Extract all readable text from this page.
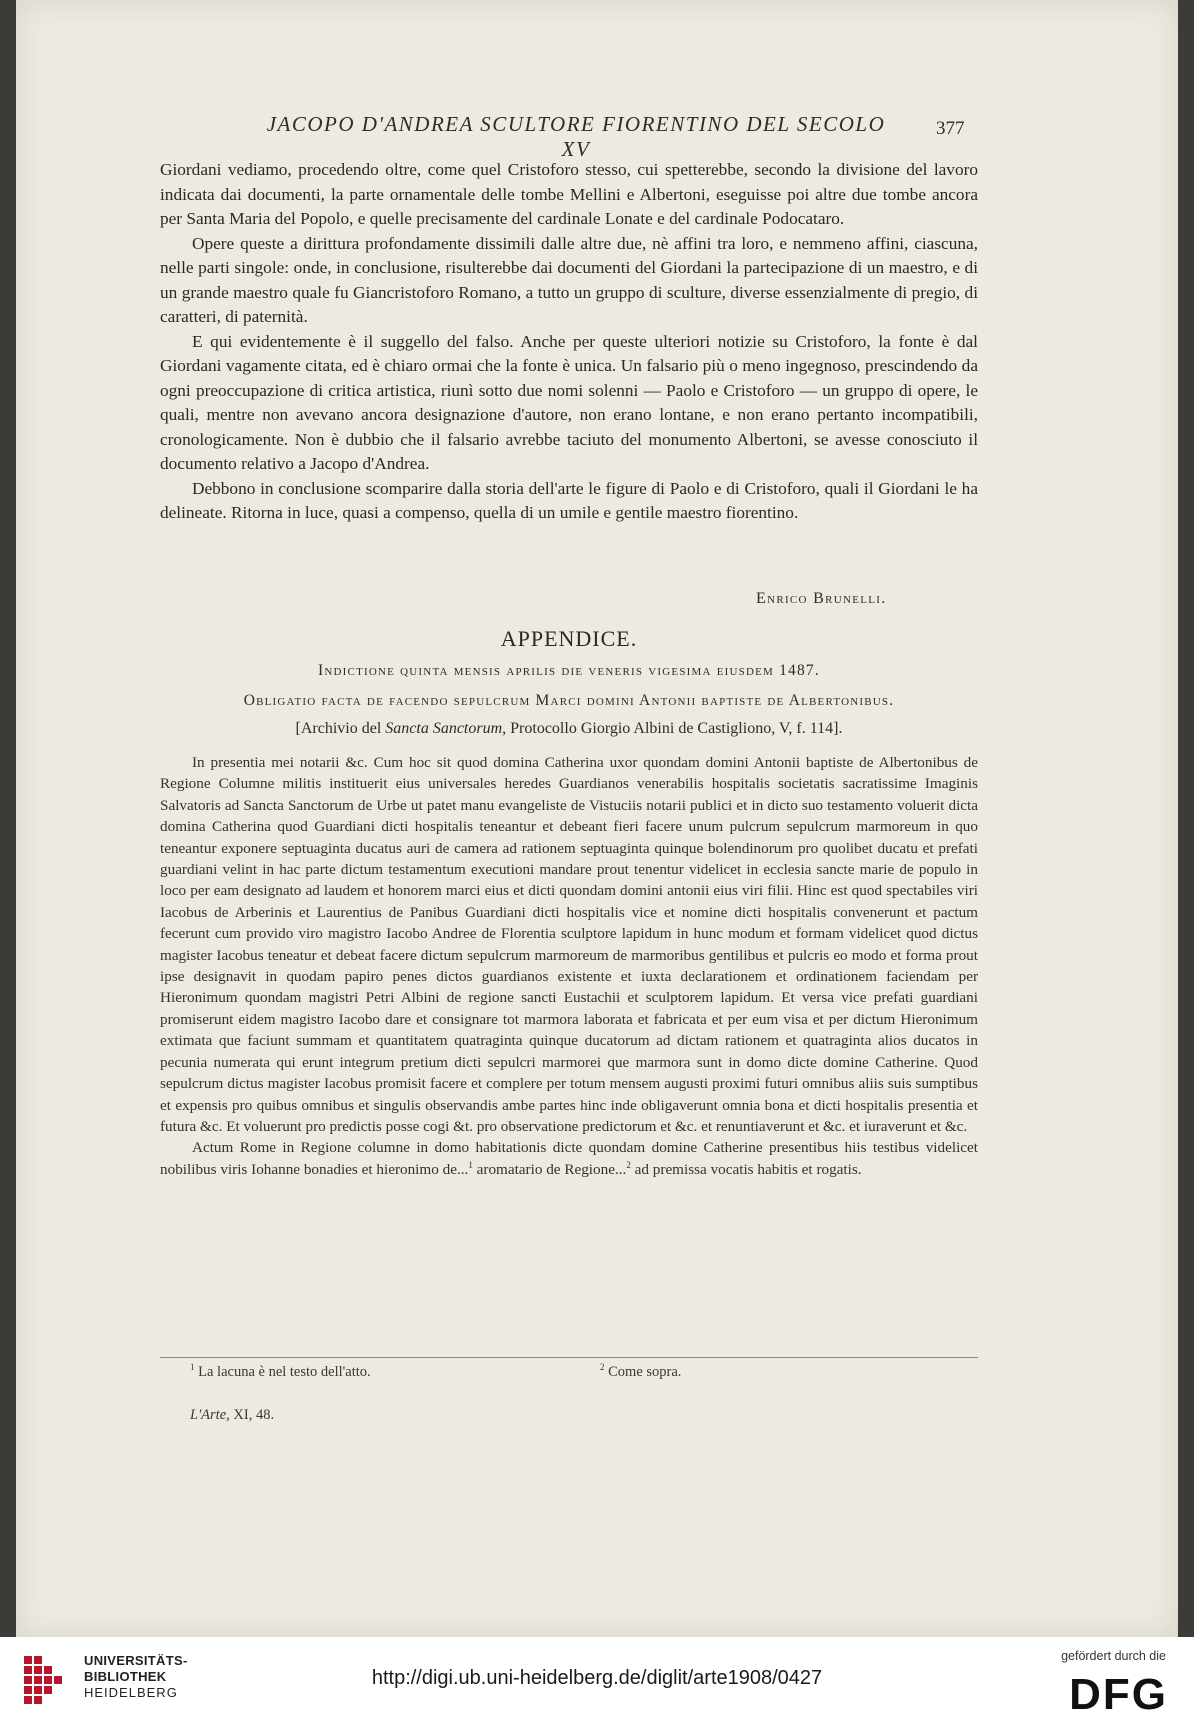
JACOPO D'ANDREA SCULTORE FIORENTINO DEL SECOLO XV
377

Giordani vediamo, procedendo oltre, come quel Cristoforo stesso, cui spetterebbe, secondo la divisione del lavoro indicata dai documenti, la parte ornamentale delle tombe Mellini e Albertoni, eseguisse poi altre due tombe ancora per Santa Maria del Popolo, e quelle precisamente del cardinale Lonate e del cardinale Podocataro.

Opere queste a dirittura profondamente dissimili dalle altre due, nè affini tra loro, e nemmeno affini, ciascuna, nelle parti singole: onde, in conclusione, risulterebbe dai documenti del Giordani la partecipazione di un maestro, e di un grande maestro quale fu Giancristoforo Romano, a tutto un gruppo di sculture, diverse essenzialmente di pregio, di caratteri, di paternità.

E qui evidentemente è il suggello del falso. Anche per queste ulteriori notizie su Cristoforo, la fonte è dal Giordani vagamente citata, ed è chiaro ormai che la fonte è unica. Un falsario più o meno ingegnoso, prescindendo da ogni preoccupazione di critica artistica, riunì sotto due nomi solenni — Paolo e Cristoforo — un gruppo di opere, le quali, mentre non avevano ancora designazione d'autore, non erano lontane, e non erano pertanto incompatibili, cronologicamente. Non è dubbio che il falsario avrebbe taciuto del monumento Albertoni, se avesse conosciuto il documento relativo a Jacopo d'Andrea.

Debbono in conclusione scomparire dalla storia dell'arte le figure di Paolo e di Cristoforo, quali il Giordani le ha delineate. Ritorna in luce, quasi a compenso, quella di un umile e gentile maestro fiorentino.

Enrico Brunelli.
APPENDICE.
Indictione quinta mensis aprilis die veneris vigesima eiusdem 1487.
Obligatio facta de facendo sepulcrum Marci domini Antonii baptiste de Albertonibus.
[Archivio del Sancta Sanctorum, Protocollo Giorgio Albini de Castigliono, V, f. 114].

In presentia mei notarii &c. Cum hoc sit quod domina Catherina uxor quondam domini Antonii baptiste de Albertonibus de Regione Columne militis instituerit eius universales heredes Guardianos venerabilis hospitalis societatis sacratissime Imaginis Salvatoris ad Sancta Sanctorum de Urbe ut patet manu evangeliste de Vistuciis notarii publici et in dicto suo testamento voluerit dicta domina Catherina quod Guardiani dicti hospitalis teneantur et debeant fieri facere unum pulcrum sepulcrum marmoreum in quo teneantur exponere septuaginta ducatus auri de camera ad rationem septuaginta quinque bolendinorum pro quolibet ducatu et prefati guardiani velint in hac parte dictum testamentum executioni mandare prout tenentur videlicet in ecclesia sancte marie de populo in loco per eam designato ad laudem et honorem marci eius et dicti quondam domini antonii eius viri filii. Hinc est quod spectabiles viri Iacobus de Arberinis et Laurentius de Panibus Guardiani dicti hospitalis vice et nomine dicti hospitalis convenerunt et pactum fecerunt cum provido viro magistro Iacobo Andree de Florentia sculptore lapidum in hunc modum et formam videlicet quod dictus magister Iacobus teneatur et debeat facere dictum sepulcrum marmoreum de marmoribus gentilibus et pulcris eo modo et forma prout ipse designavit in quodam papiro penes dictos guardianos existente et iuxta declarationem et ordinationem faciendam per Hieronimum quondam magistri Petri Albini de regione sancti Eustachii et sculptorem lapidum. Et versa vice prefati guardiani promiserunt eidem magistro Iacobo dare et consignare tot marmora laborata et fabricata et per eum visa et per dictum Hieronimum extimata que faciunt summam et quantitatem quatraginta quinque ducatorum ad dictam rationem et quatraginta alios ducatos in pecunia numerata qui erunt integrum pretium dicti sepulcri marmorei que marmora sunt in domo dicte domine Catherine. Quod sepulcrum dictus magister Iacobus promisit facere et complere per totum mensem augusti proximi futuri omnibus aliis suis sumptibus et expensis pro quibus omnibus et singulis observandis ambe partes hinc inde obligaverunt omnia bona et dicti hospitalis presentia et futura &c. Et voluerunt pro predictis posse cogi &t. pro observatione predictorum et &c. et renuntiaverunt et &c. et iuraverunt et &c.

Actum Rome in Regione columne in domo habitationis dicte quondam domine Catherine presentibus hiis testibus videlicet nobilibus viris Iohanne bonadies et hieronimo de...$^1$ aromatario de Regione...$^2$ ad premissa vocatis habitis et rogatis.

$^1$ La lacuna è nel testo dell'atto.	$^2$ Come sopra.
L'Arte, XI, 48.
UNIVERSITÄTS-
BIBLIOTHEK
HEIDELBERG
http://digi.ub.uni-heidelberg.de/diglit/arte1908/0427
gefördert durch die
DFG
